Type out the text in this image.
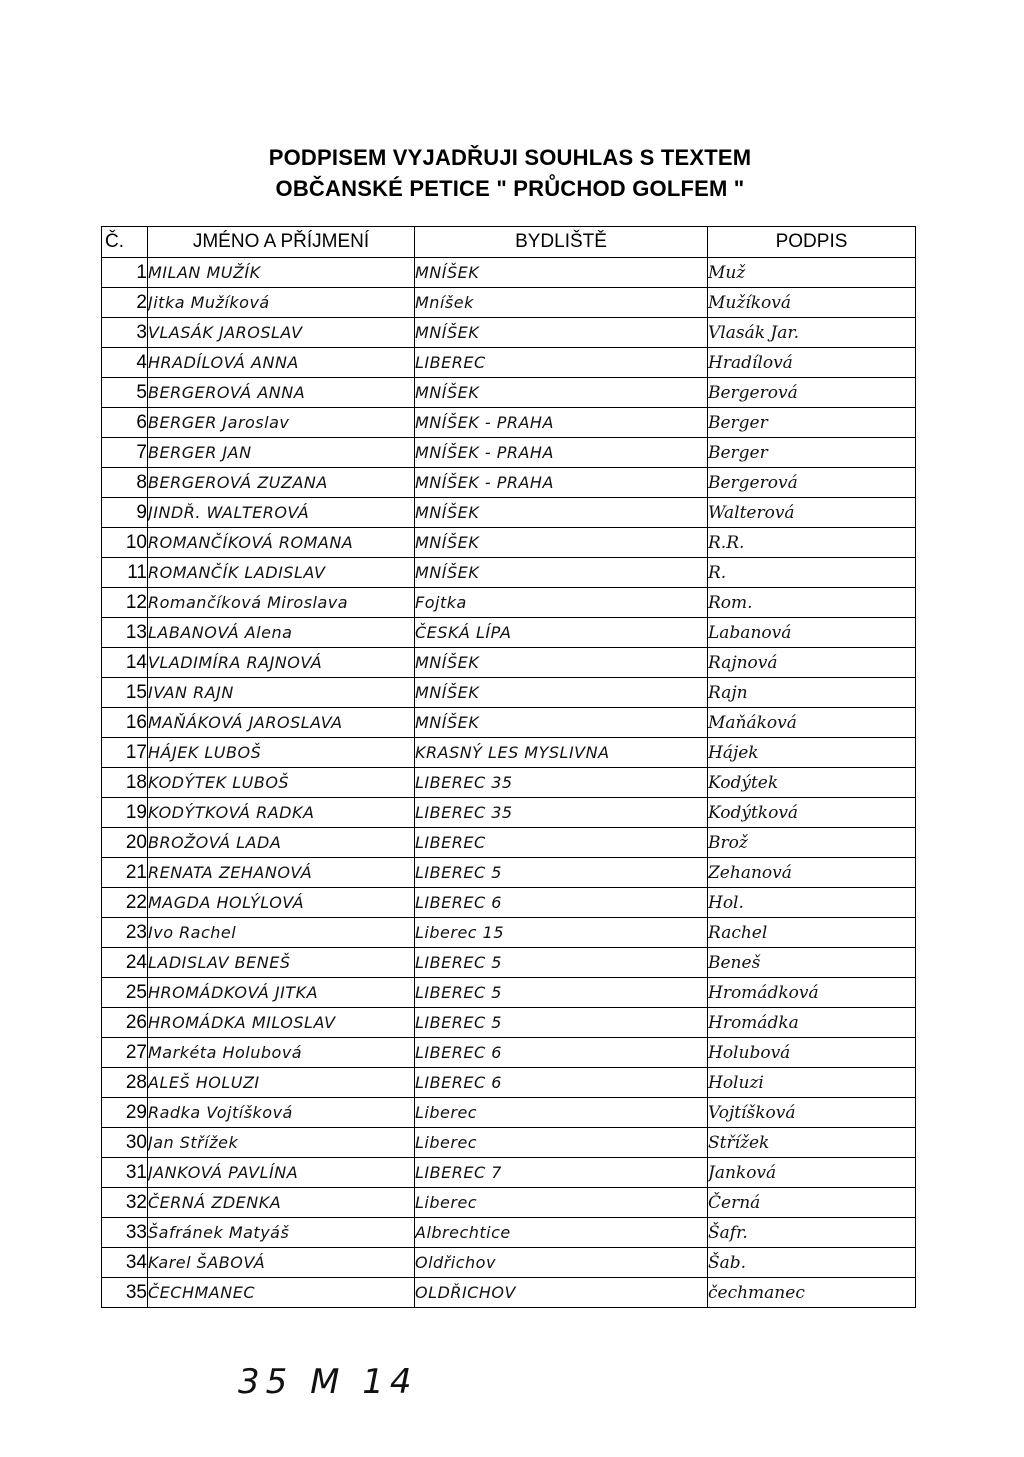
PODPISEM VYJADŘUJI SOUHLAS S TEXTEM
OBČANSKÉ PETICE " PRŮCHOD GOLFEM "
Č.	JMÉNO A PŘÍJMENÍ	BYDLIŠTĚ	PODPIS
1	MILAN MUŽÍK	MNÍŠEK	Muž
2	Jitka Mužíková	Mníšek	Mužíková
3	VLASÁK JAROSLAV	MNÍŠEK	Vlasák Jar.
4	HRADÍLOVÁ ANNA	LIBEREC	Hradílová
5	BERGEROVÁ ANNA	MNÍŠEK	Bergerová
6	BERGER Jaroslav	MNÍŠEK - PRAHA	Berger
7	BERGER JAN	MNÍŠEK - PRAHA	Berger
8	BERGEROVÁ ZUZANA	MNÍŠEK - PRAHA	Bergerová
9	JINDŘ. WALTEROVÁ	MNÍŠEK	Walterová
10	ROMANČÍKOVÁ ROMANA	MNÍŠEK	R.R.
11	ROMANČÍK LADISLAV	MNÍŠEK	R.
12	Romančíková Miroslava	Fojtka	Rom.
13	LABANOVÁ Alena	ČESKÁ LÍPA	Labanová
14	VLADIMÍRA RAJNOVÁ	MNÍŠEK	Rajnová
15	IVAN RAJN	MNÍŠEK	Rajn
16	MAŇÁKOVÁ JAROSLAVA	MNÍŠEK	Maňáková
17	HÁJEK LUBOŠ	KRASNÝ LES MYSLIVNA	Hájek
18	KODÝTEK LUBOŠ	LIBEREC 35	Kodýtek
19	KODÝTKOVÁ RADKA	LIBEREC 35	Kodýtková
20	BROŽOVÁ LADA	LIBEREC	Brož
21	RENATA ZEHANOVÁ	LIBEREC 5	Zehanová
22	MAGDA HOLÝLOVÁ	LIBEREC 6	Hol.
23	Ivo Rachel	Liberec 15	Rachel
24	LADISLAV BENEŠ	LIBEREC 5	Beneš
25	HROMÁDKOVÁ JITKA	LIBEREC 5	Hromádková
26	HROMÁDKA MILOSLAV	LIBEREC 5	Hromádka
27	Markéta Holubová	LIBEREC 6	Holubová
28	ALEŠ HOLUZI	LIBEREC 6	Holuzi
29	Radka Vojtíšková	Liberec	Vojtíšková
30	Jan Střížek	Liberec	Střížek
31	JANKOVÁ PAVLÍNA	LIBEREC 7	Janková
32	ČERNÁ ZDENKA	Liberec	Černá
33	Šafránek Matyáš	Albrechtice	Šafr.
34	Karel ŠABOVÁ	Oldřichov	Šab.
35	ČECHMANEC	OLDŘICHOV	čechmanec
35 M 14
